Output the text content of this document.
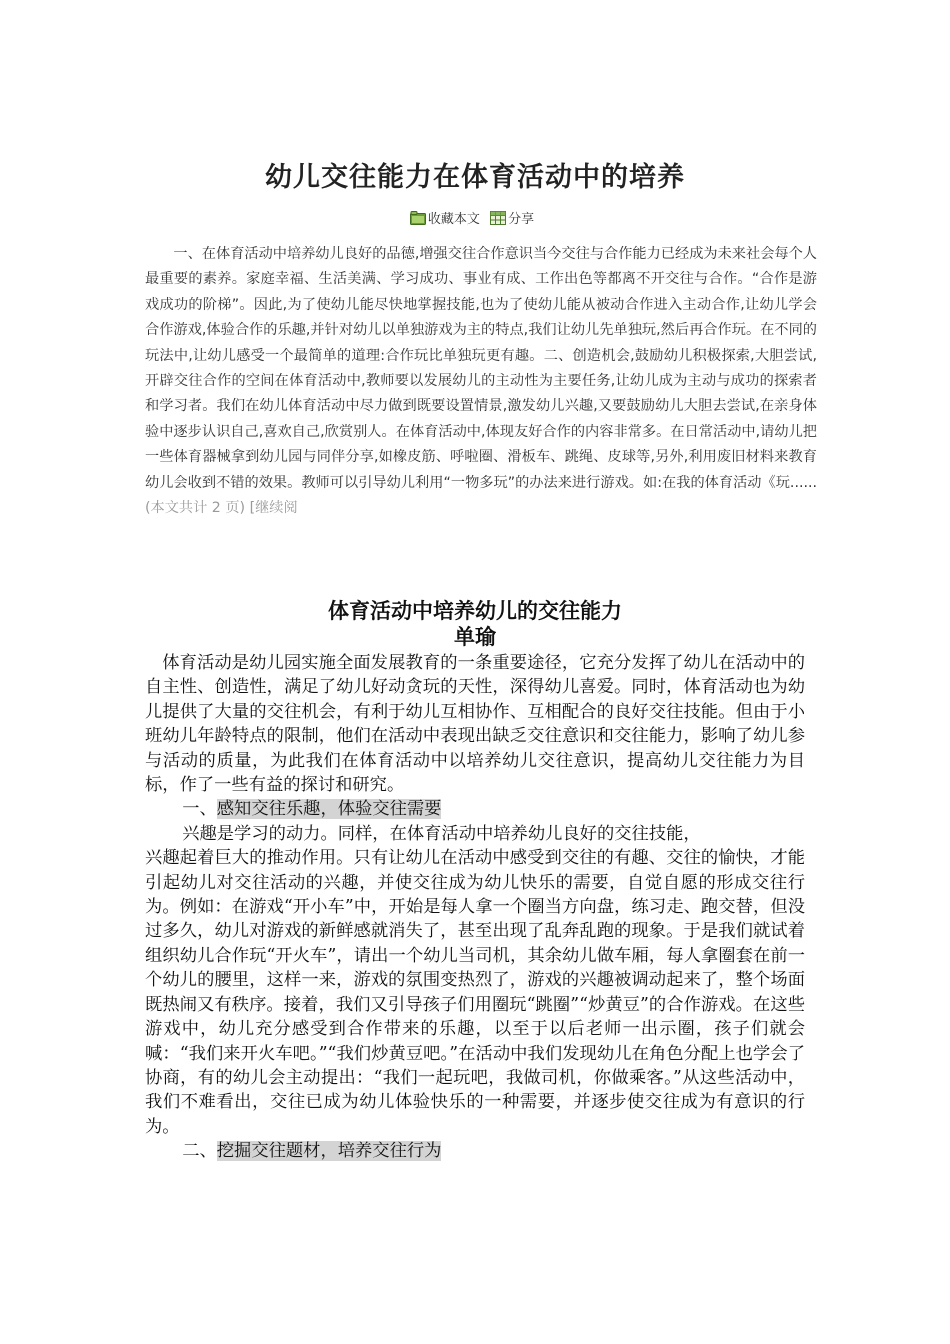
幼儿交往能力在体育活动中的培养
收藏本文 分享
一、在体育活动中培养幼儿良好的品德,增强交往合作意识当今交往与合作能力已经成为未来社会每个人最重要的素养。家庭幸福、生活美满、学习成功、事业有成、工作出色等都离不开交往与合作。“合作是游戏成功的阶梯”。因此,为了使幼儿能尽快地掌握技能,也为了使幼儿能从被动合作进入主动合作,让幼儿学会合作游戏,体验合作的乐趣,并针对幼儿以单独游戏为主的特点,我们让幼儿先单独玩,然后再合作玩。在不同的玩法中,让幼儿感受一个最简单的道理:合作玩比单独玩更有趣。二、创造机会,鼓励幼儿积极探索,大胆尝试,开辟交往合作的空间在体育活动中,教师要以发展幼儿的主动性为主要任务,让幼儿成为主动与成功的探索者和学习者。我们在幼儿体育活动中尽力做到既要设置情景,激发幼儿兴趣,又要鼓励幼儿大胆去尝试,在亲身体验中逐步认识自己,喜欢自己,欣赏别人。在体育活动中,体现友好合作的内容非常多。在日常活动中,请幼儿把一些体育器械拿到幼儿园与同伴分享,如橡皮筋、呼啦圈、滑板车、跳绳、皮球等,另外,利用废旧材料来教育幼儿会收到不错的效果。教师可以引导幼儿利用“一物多玩”的办法来进行游戏。如:在我的体育活动《玩...... (本文共计 2 页) [继续阅
体育活动中培养幼儿的交往能力
单瑜

体育活动是幼儿园实施全面发展教育的一条重要途径，它充分发挥了幼儿在活动中的自主性、创造性，满足了幼儿好动贪玩的天性，深得幼儿喜爱。同时，体育活动也为幼儿提供了大量的交往机会，有利于幼儿互相协作、互相配合的良好交往技能。但由于小班幼儿年龄特点的限制，他们在活动中表现出缺乏交往意识和交往能力，影响了幼儿参与活动的质量，为此我们在体育活动中以培养幼儿交往意识，提高幼儿交往能力为目标，作了一些有益的探讨和研究。

一、感知交往乐趣，体验交往需要

兴趣是学习的动力。同样，在体育活动中培养幼儿良好的交往技能，

兴趣起着巨大的推动作用。只有让幼儿在活动中感受到交往的有趣、交往的愉快，才能引起幼儿对交往活动的兴趣，并使交往成为幼儿快乐的需要，自觉自愿的形成交往行为。例如：在游戏“开小车”中，开始是每人拿一个圈当方向盘，练习走、跑交替，但没过多久，幼儿对游戏的新鲜感就消失了，甚至出现了乱奔乱跑的现象。于是我们就试着组织幼儿合作玩“开火车”，请出一个幼儿当司机，其余幼儿做车厢，每人拿圈套在前一个幼儿的腰里，这样一来，游戏的氛围变热烈了，游戏的兴趣被调动起来了，整个场面既热闹又有秩序。接着，我们又引导孩子们用圈玩“跳圈”“炒黄豆”的合作游戏。在这些游戏中，幼儿充分感受到合作带来的乐趣，以至于以后老师一出示圈，孩子们就会喊：“我们来开火车吧。”“我们炒黄豆吧。”在活动中我们发现幼儿在角色分配上也学会了协商，有的幼儿会主动提出：“我们一起玩吧，我做司机，你做乘客。”从这些活动中，我们不难看出，交往已成为幼儿体验快乐的一种需要，并逐步使交往成为有意识的行为。

二、挖掘交往题材，培养交往行为
